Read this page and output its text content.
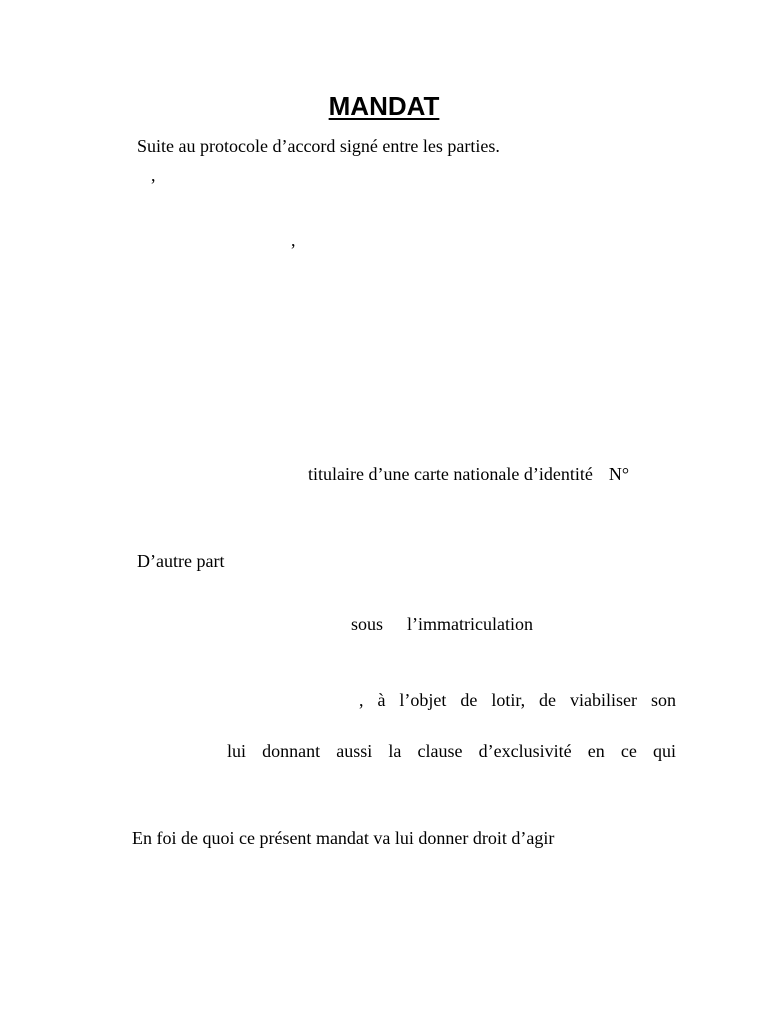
MANDAT
Suite au protocole d’accord signé entre les parties.
,
,
titulaire d’une carte nationale d’identité N°
D’autre part
sous l’immatriculation
, à l’objet de lotir, de viabiliser son
lui donnant aussi la clause d’exclusivité en ce qui
En foi de quoi ce présent mandat va lui donner droit d’agir
